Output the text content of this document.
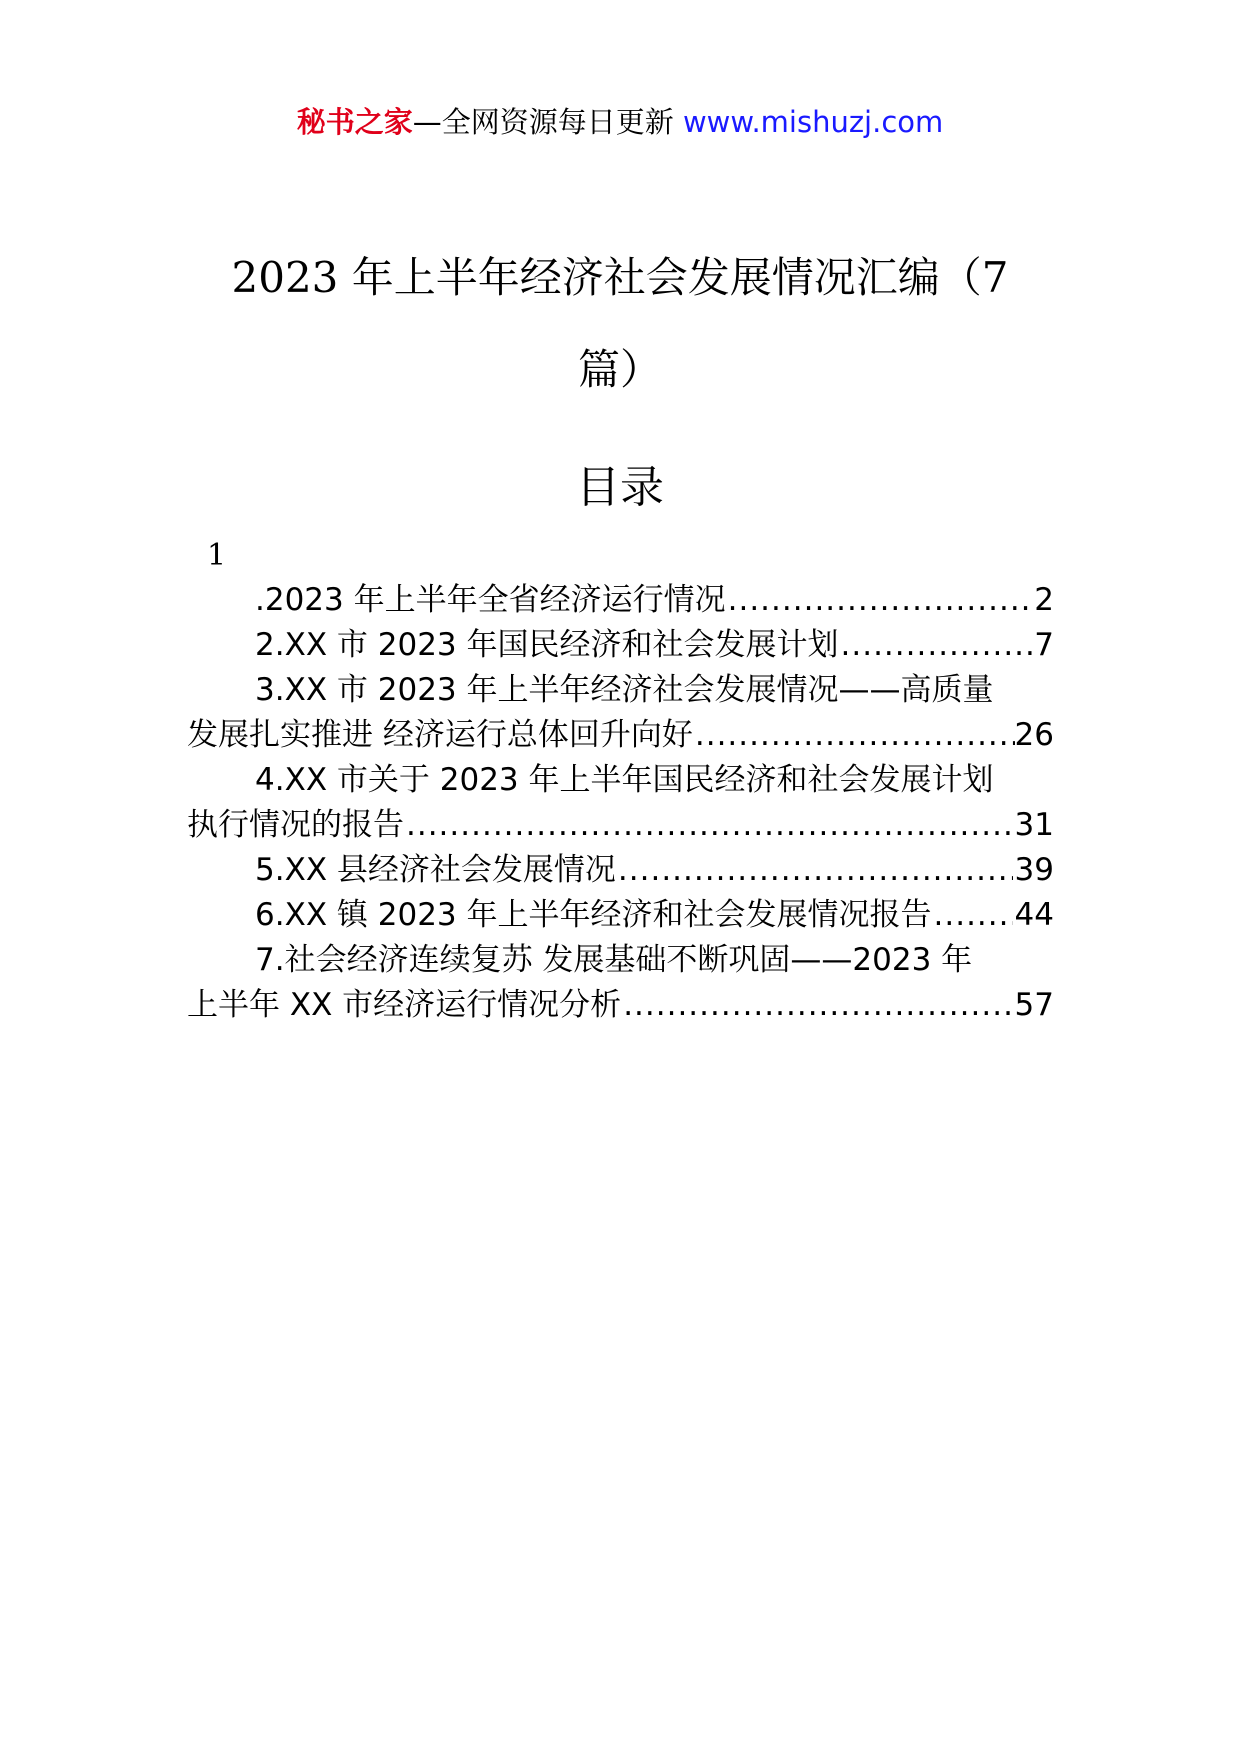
秘书之家—全网资源每日更新 www.mishuzj.com
2023 年上半年经济社会发展情况汇编（7
篇）
目录
1
.2023 年上半年全省经济运行情况 .....	2
2.XX 市 2023 年国民经济和社会发展计划 .....	7
3.XX 市 2023 年上半年经济社会发展情况——高质量
发展扎实推进 经济运行总体回升向好 .....	26
4.XX 市关于 2023 年上半年国民经济和社会发展计划
执行情况的报告 .....	31
5.XX 县经济社会发展情况 .....	39
6.XX 镇 2023 年上半年经济和社会发展情况报告 .....	44
7.社会经济连续复苏 发展基础不断巩固——2023 年
上半年 XX 市经济运行情况分析 .....	57
